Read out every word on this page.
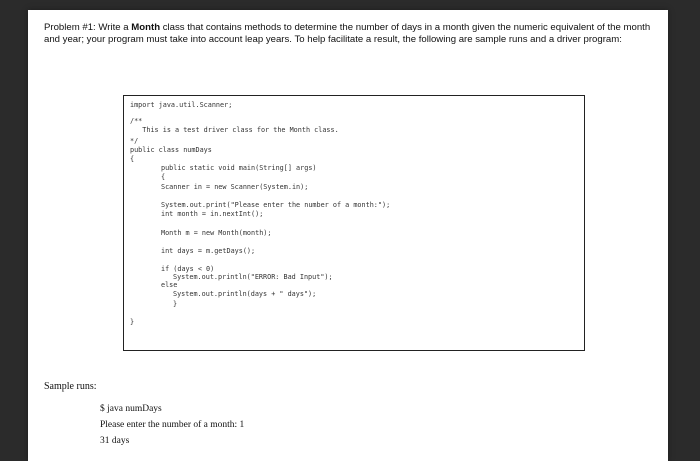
Problem #1: Write a Month class that contains methods to determine the number of days in a month given the numeric equivalent of the month and year; your program must take into account leap years. To help facilitate a result, the following are sample runs and a driver program:
import java.util.Scanner;
/**
This is a test driver class for the Month class.
*/
public class numDays
{
public static void main(String[] args)
{
Scanner in = new Scanner(System.in);
System.out.print("Please enter the number of a month:");
int month = in.nextInt();
Month m = new Month(month);
int days = m.getDays();
if (days < 0)
System.out.println("ERROR: Bad Input");
else
System.out.println(days + " days");
}
}
Sample runs:
$ java numDays
Please enter the number of a month: 1
31 days
